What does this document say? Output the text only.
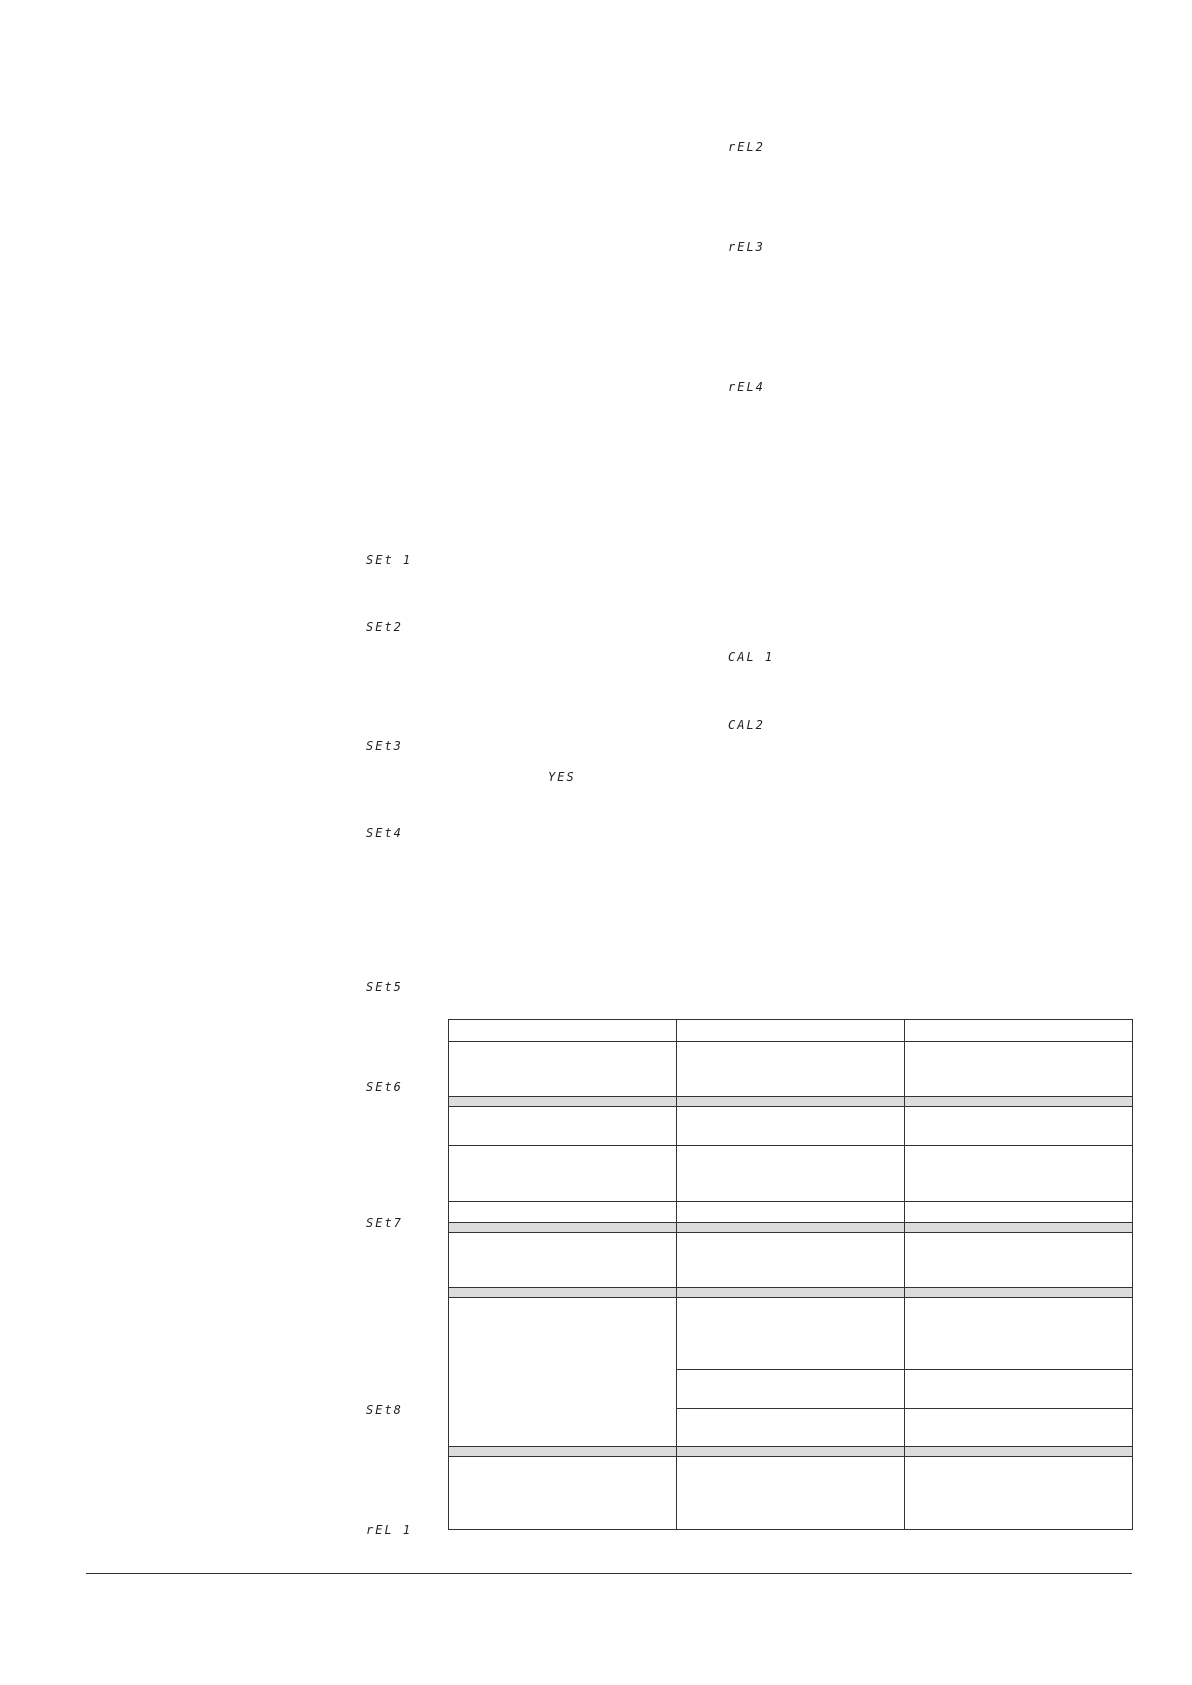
rEL2
rEL3
rEL4
SEt 1
SEt2
CAL 1
CAL2
SEt3
YES
SEt4
SEt5
SEt6
SEt7
SEt8
rEL 1
